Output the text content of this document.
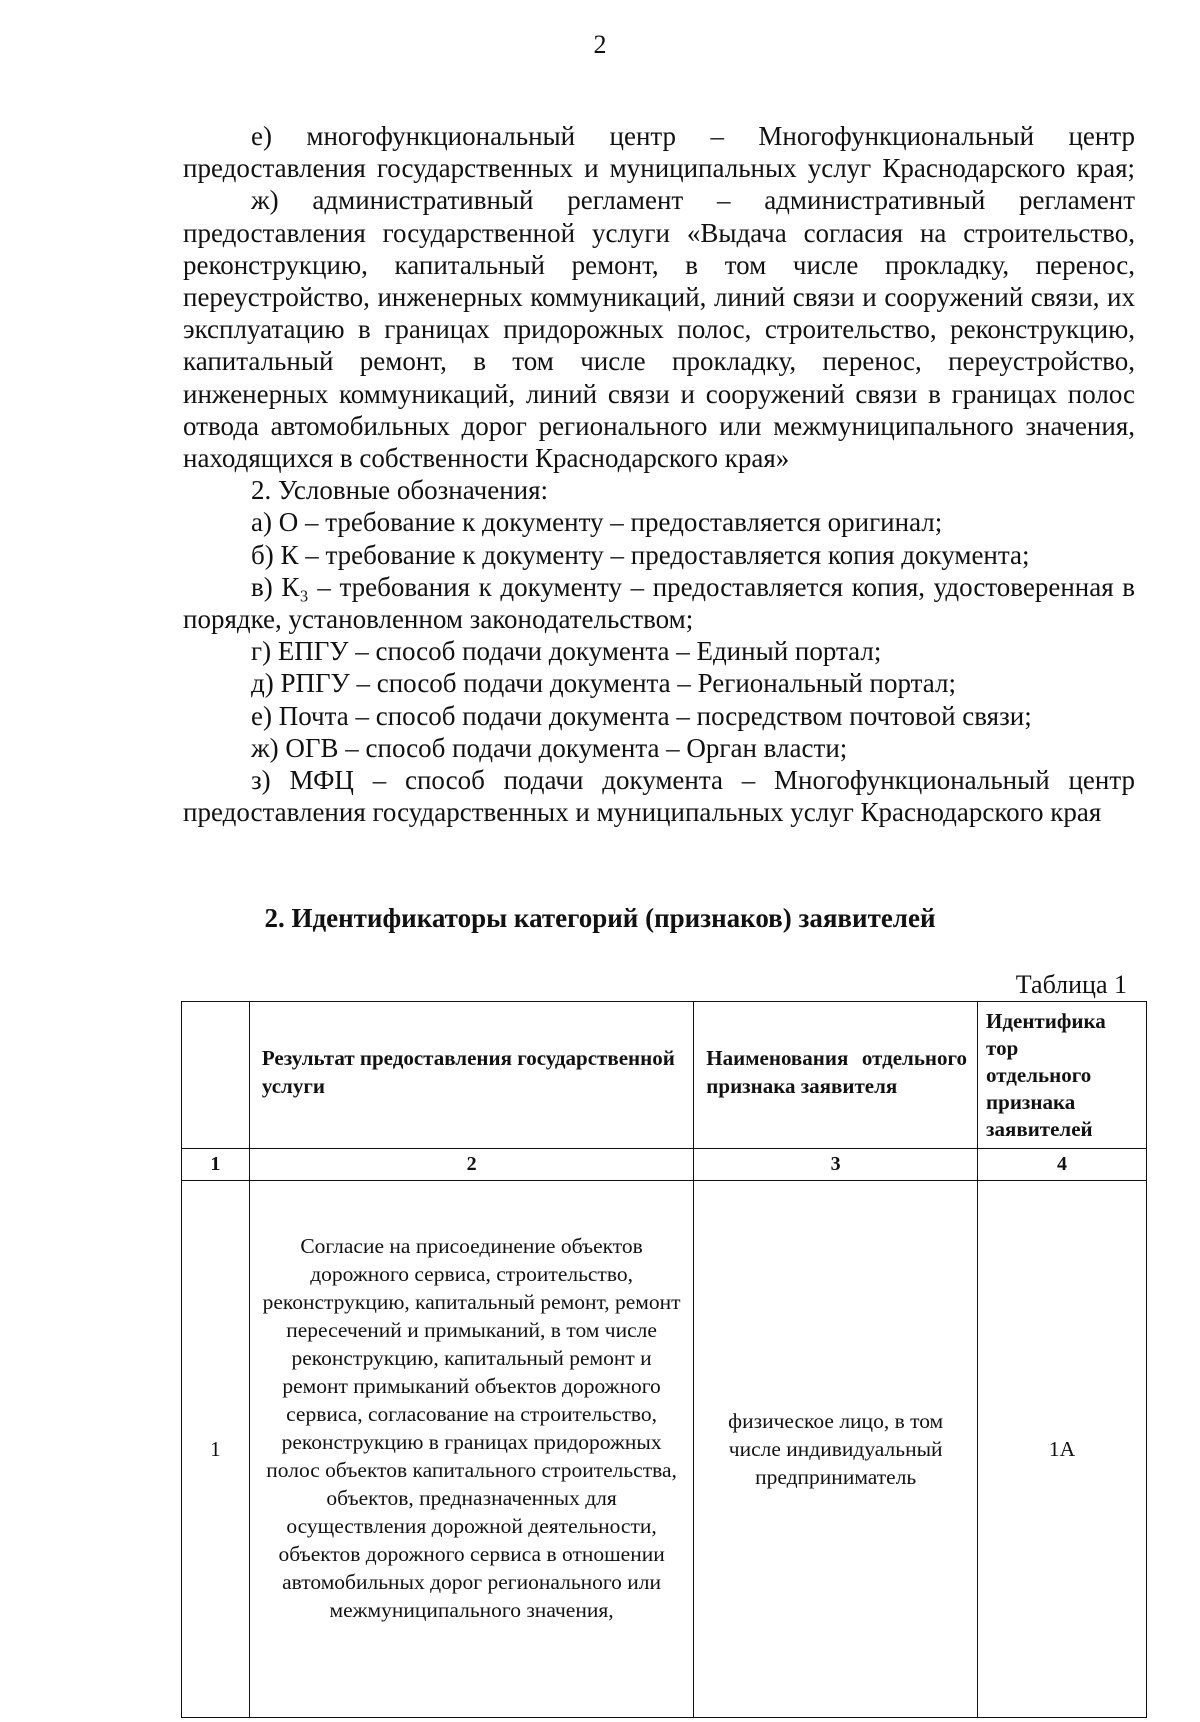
2

е) многофункциональный центр – Многофункциональный центр предоставления государственных и муниципальных услуг Краснодарского края;

ж) административный регламент – административный регламент предоставления государственной услуги «Выдача согласия на строительство, реконструкцию, капитальный ремонт, в том числе прокладку, перенос, переустройство, инженерных коммуникаций, линий связи и сооружений связи, их эксплуатацию в границах придорожных полос, строительство, реконструкцию, капитальный ремонт, в том числе прокладку, перенос, переустройство, инженерных коммуникаций, линий связи и сооружений связи в границах полос отвода автомобильных дорог регионального или межмуниципального значения, находящихся в собственности Краснодарского края»

2. Условные обозначения:

а) О – требование к документу – предоставляется оригинал;

б) К – требование к документу – предоставляется копия документа;

в) К₃ – требования к документу – предоставляется копия, удостоверенная в порядке, установленном законодательством;

г) ЕПГУ – способ подачи документа – Единый портал;

д) РПГУ – способ подачи документа – Региональный портал;

е) Почта – способ подачи документа – посредством почтовой связи;

ж) ОГВ – способ подачи документа – Орган власти;

з) МФЦ – способ подачи документа – Многофункциональный центр предоставления государственных и муниципальных услуг Краснодарского края

2. Идентификаторы категорий (признаков) заявителей
Таблица 1
	Результат предоставления государственной услуги	Наименования отдельного признака заявителя	Идентифика
тор
отдельного
признака
заявителей

1	2	3	4
1	Согласие на присоединение объектов дорожного сервиса, строительство, реконструкцию, капитальный ремонт, ремонт пересечений и примыканий, в том числе реконструкцию, капитальный ремонт и ремонт примыканий объектов дорожного сервиса, согласование на строительство, реконструкцию в границах придорожных полос объектов капитального строительства, объектов, предназначенных для осуществления дорожной деятельности, объектов дорожного сервиса в отношении автомобильных дорог регионального или межмуниципального значения,	физическое лицо, в том числе индивидуальный предприниматель	1А
